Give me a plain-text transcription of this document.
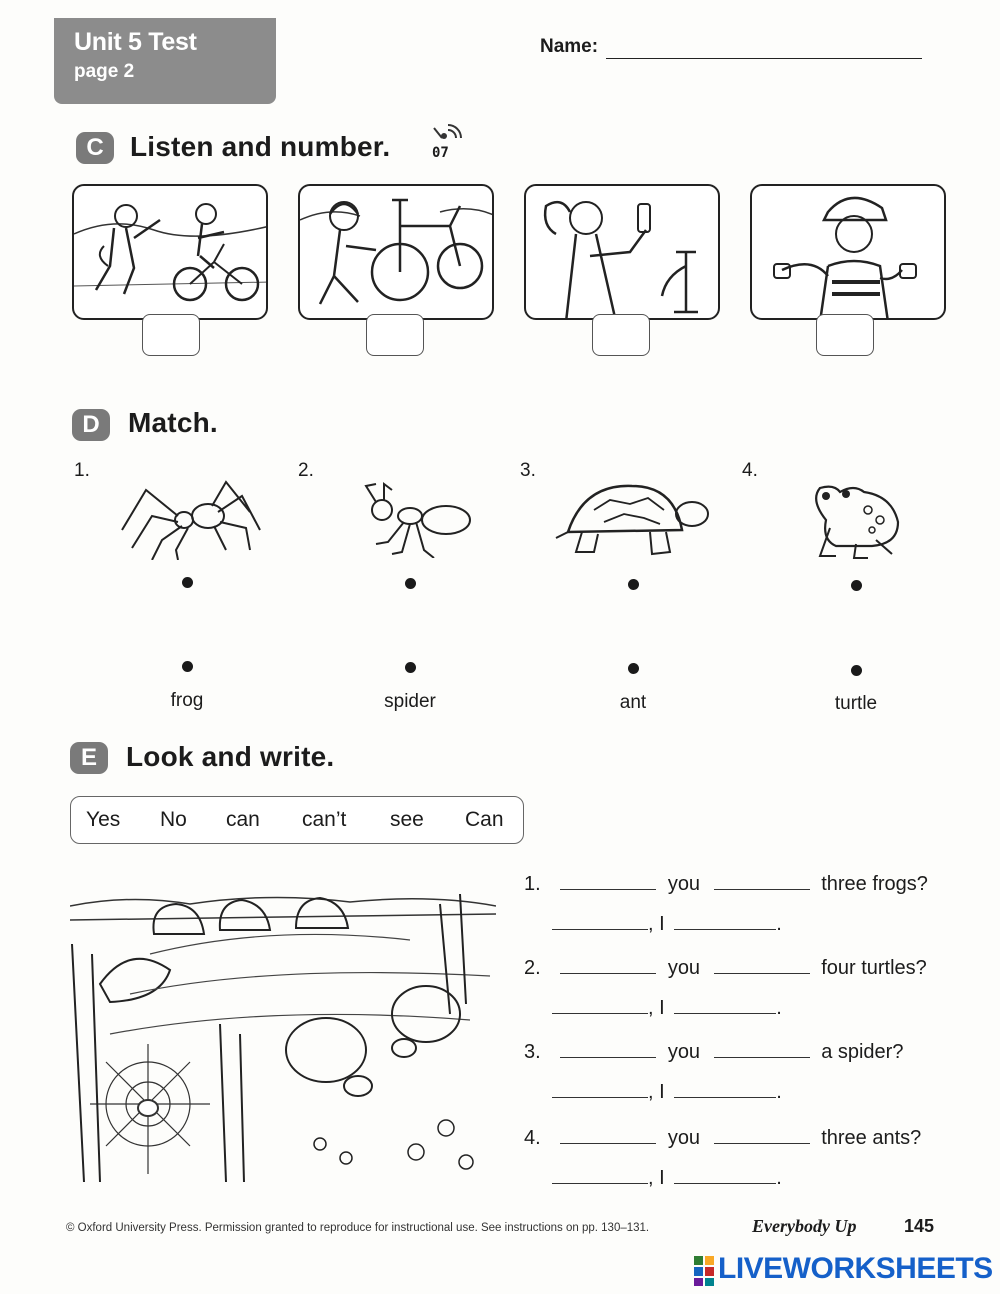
Unit 5 Test
page 2
Name:
C Listen and number.	07
D	Match.
1.	2.	3.	4.
frog	spider	ant	turtle
E	Look and write.
Yes No can can’t see Can
1.	you	three frogs?
, I	.
2.	you	four turtles?
, I	.
3.	you	a spider?
, I	.
4.	you	three ants?
, I	.
© Oxford University Press. Permission granted to reproduce for instructional use. See instructions on pp. 130–131.	Everybody Up	145
LIVEWORKSHEETS
